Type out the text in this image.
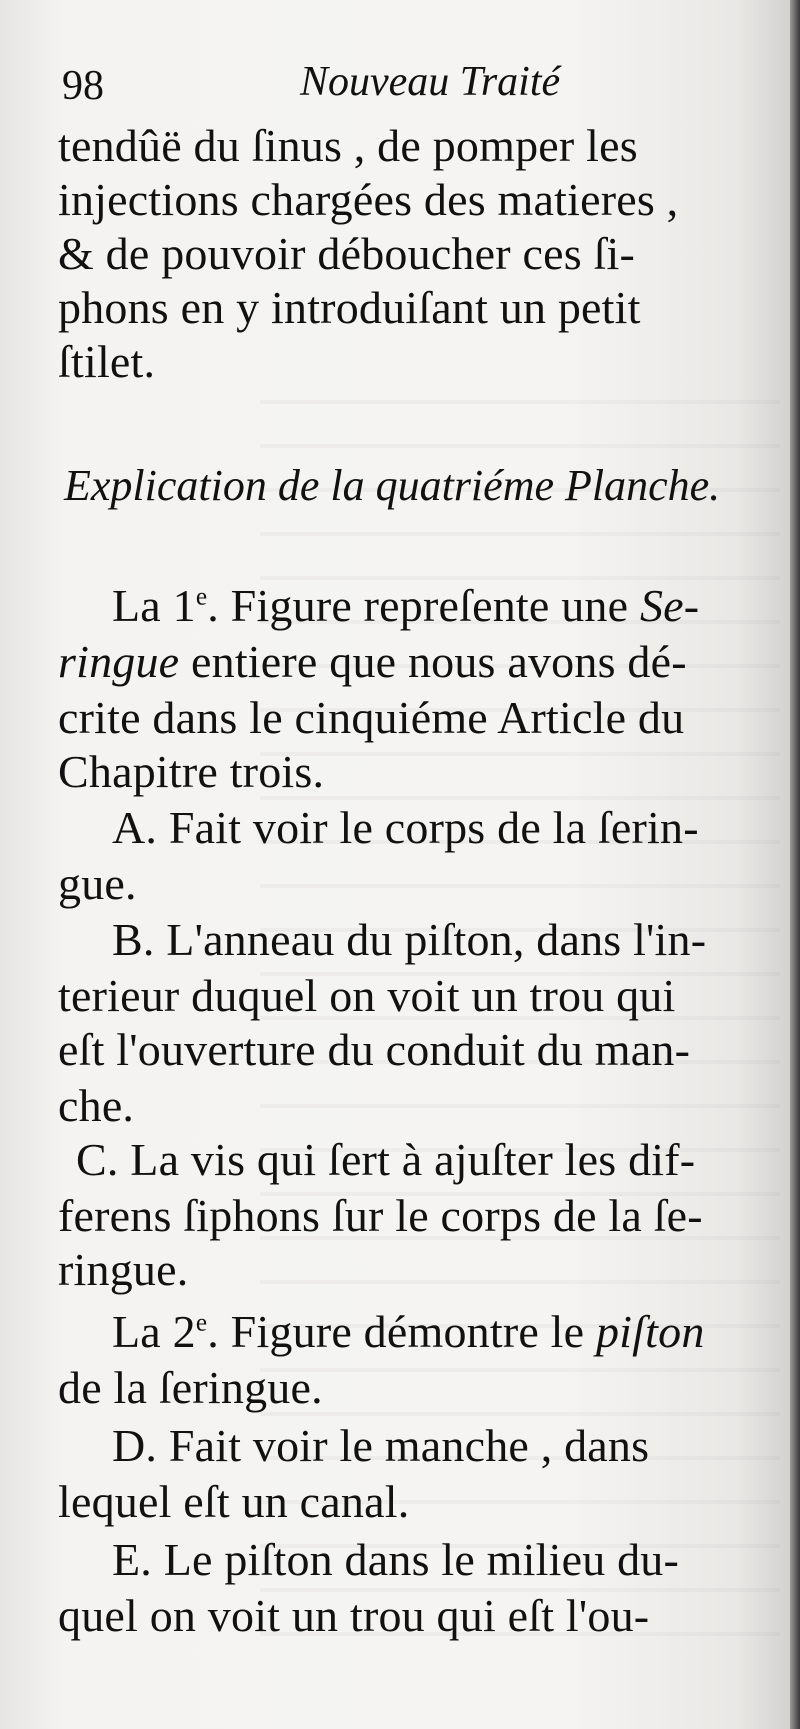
98	Nouveau Traité
tendûë du ſinus , de pomper les
injections chargées des matieres ,
& de pouvoir déboucher ces ſi-
phons en y introduiſant un petit
ſtilet.
Explication de la quatriéme Planche.
La 1e. Figure repreſente une Se-
ringue entiere que nous avons dé-
crite dans le cinquiéme Article du
Chapitre trois.
A. Fait voir le corps de la ſerin-
gue.
B. L'anneau du piſton, dans l'in-
terieur duquel on voit un trou qui
eſt l'ouverture du conduit du man-
che.
C. La vis qui ſert à ajuſter les dif-
ferens ſiphons ſur le corps de la ſe-
ringue.
La 2e. Figure démontre le piſton
de la ſeringue.
D. Fait voir le manche , dans
lequel eſt un canal.
E. Le piſton dans le milieu du-
quel on voit un trou qui eſt l'ou-
